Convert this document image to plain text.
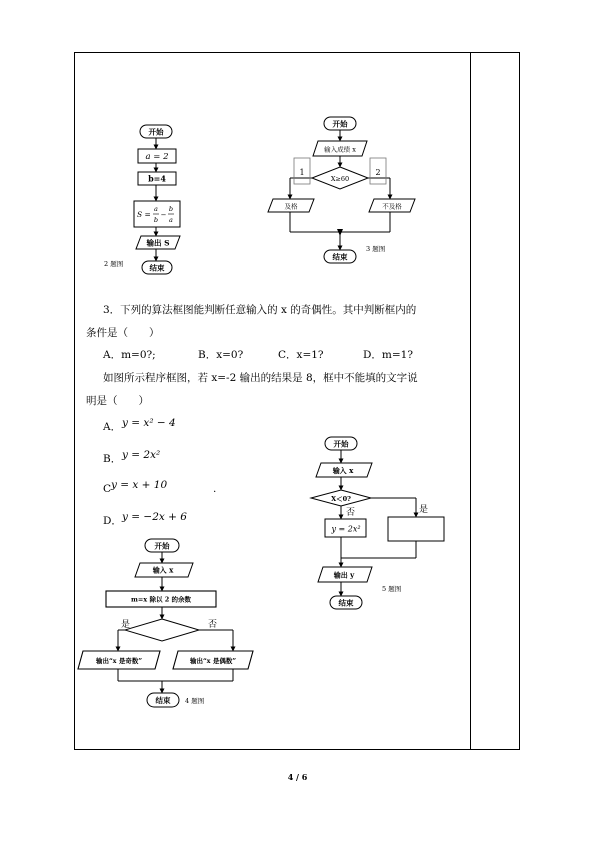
开始
a = 2
b=4
S =
a
b
−
b
a
输出 S
结束
2 题图
开始
输入成绩 x
X≥60
1	2
及格	不及格
结束
3 题图
开始
输入 x
X＜0?
否	是
y = 2x²
输出 y
结束
5 题图
开始
输入 x
m=x 除以 2 的余数
是	否
输出“x 是奇数”	输出“x 是偶数”
结束 4 题图
3．下列的算法框图能判断任意输入的 x 的奇偶性。其中判断框内的
条件是（　　）
A．m=0?;	B．x=0?	C．x=1?	D．m=1?
如图所示程序框图，若 x=-2 输出的结果是 8，框中不能填的文字说
明是（　　）
A． y = x² − 4
B． y = 2x²
C y = x + 10	.
D． y = −2x + 6
4 / 6
